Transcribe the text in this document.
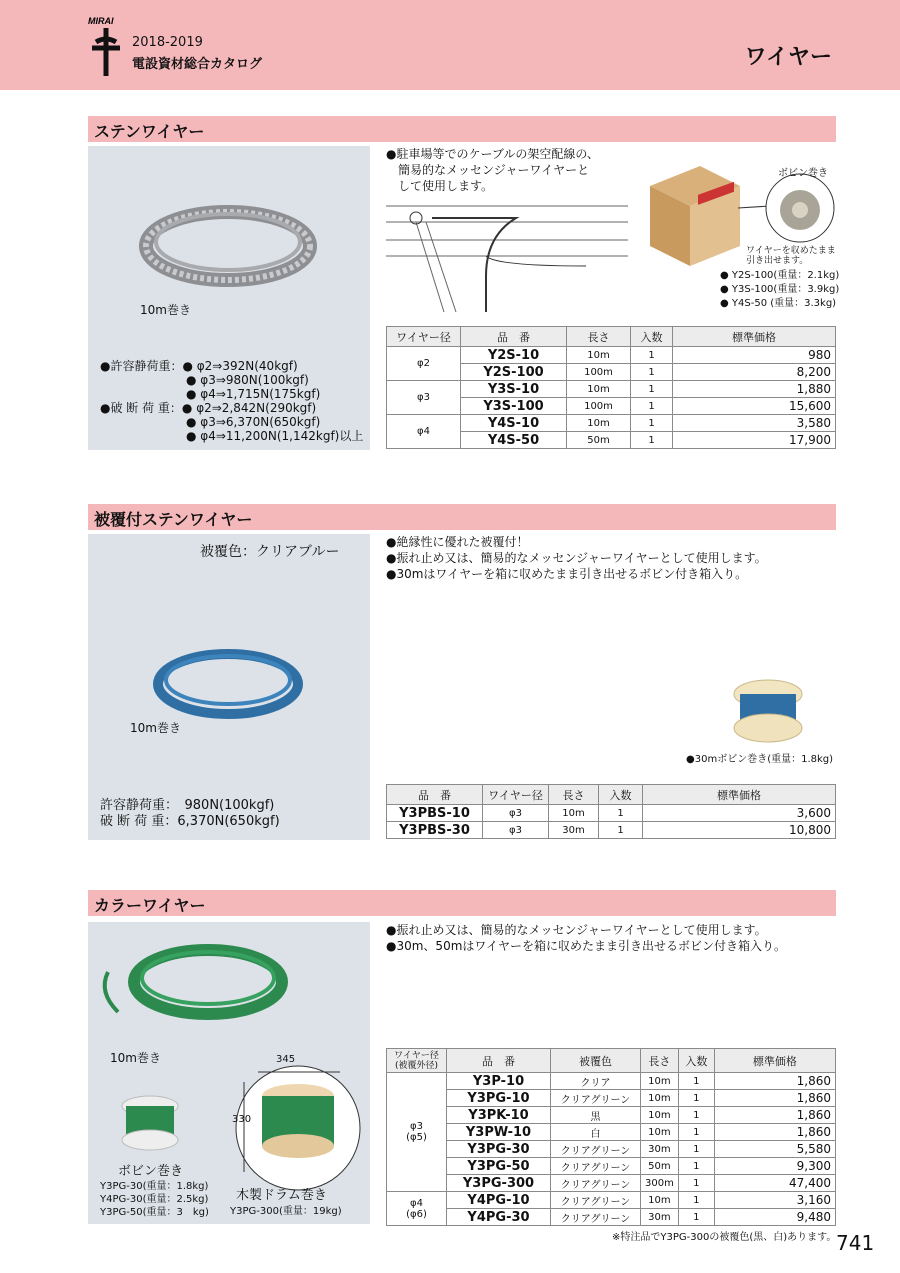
MIRAI
2018-2019
電設資材総合カタログ	ワイヤー
ステンワイヤー
10m巻き
●許容静荷重：● φ2⇒392N(40kgf)
● φ3⇒980N(100kgf)
● φ4⇒1,715N(175kgf)
●破 断 荷 重：● φ2⇒2,842N(290kgf)
● φ3⇒6,370N(650kgf)
● φ4⇒11,200N(1,142kgf)以上
●駐車場等でのケーブルの架空配線の、
簡易的なメッセンジャーワイヤーと
して使用します。
ボビン巻き
ワイヤーを収めたまま
引き出せます。
● Y2S-100(重量：2.1kg)
● Y3S-100(重量：3.9kg)
● Y4S-50 (重量：3.3kg)
ワイヤー径	品　番	長さ	入数	標準価格
φ2	Y2S-10	10m	1	980
	Y2S-100	100m	1	8,200
φ3	Y3S-10	10m	1	1,880
	Y3S-100	100m	1	15,600
φ4	Y4S-10	10m	1	3,580
	Y4S-50	50m	1	17,900
被覆付ステンワイヤー
被覆色：クリアブルー
10m巻き
許容静荷重：　980N(100kgf)
破 断 荷 重：6,370N(650kgf)
●絶縁性に優れた被覆付！
●振れ止め又は、簡易的なメッセンジャーワイヤーとして使用します。
●30mはワイヤーを箱に収めたまま引き出せるボビン付き箱入り。
●30mボビン巻き(重量：1.8kg)
品　番	ワイヤー径	長さ	入数	標準価格
Y3PBS-10	φ3	10m	1	3,600
Y3PBS-30	φ3	30m	1	10,800
カラーワイヤー
10m巻き	345
330
ボビン巻き
Y3PG-30(重量：1.8kg)
Y4PG-30(重量：2.5kg)
Y3PG-50(重量：3　kg)
木製ドラム巻き
Y3PG-300(重量：19kg)
●振れ止め又は、簡易的なメッセンジャーワイヤーとして使用します。
●30m、50mはワイヤーを箱に収めたまま引き出せるボビン付き箱入り。
ワイヤー径
(被覆外径)	品　番	被覆色	長さ	入数	標準価格
φ3
(φ5)	Y3P-10	クリア	10m	1	1,860
	Y3PG-10	クリアグリーン	10m	1	1,860
	Y3PK-10	黒	10m	1	1,860
	Y3PW-10	白	10m	1	1,860
	Y3PG-30	クリアグリーン	30m	1	5,580
	Y3PG-50	クリアグリーン	50m	1	9,300
	Y3PG-300	クリアグリーン	300m	1	47,400
φ4
(φ6)	Y4PG-10	クリアグリーン	10m	1	3,160
	Y4PG-30	クリアグリーン	30m	1	9,480
※特注品でY3PG-300の被覆色(黒、白)あります。 741
